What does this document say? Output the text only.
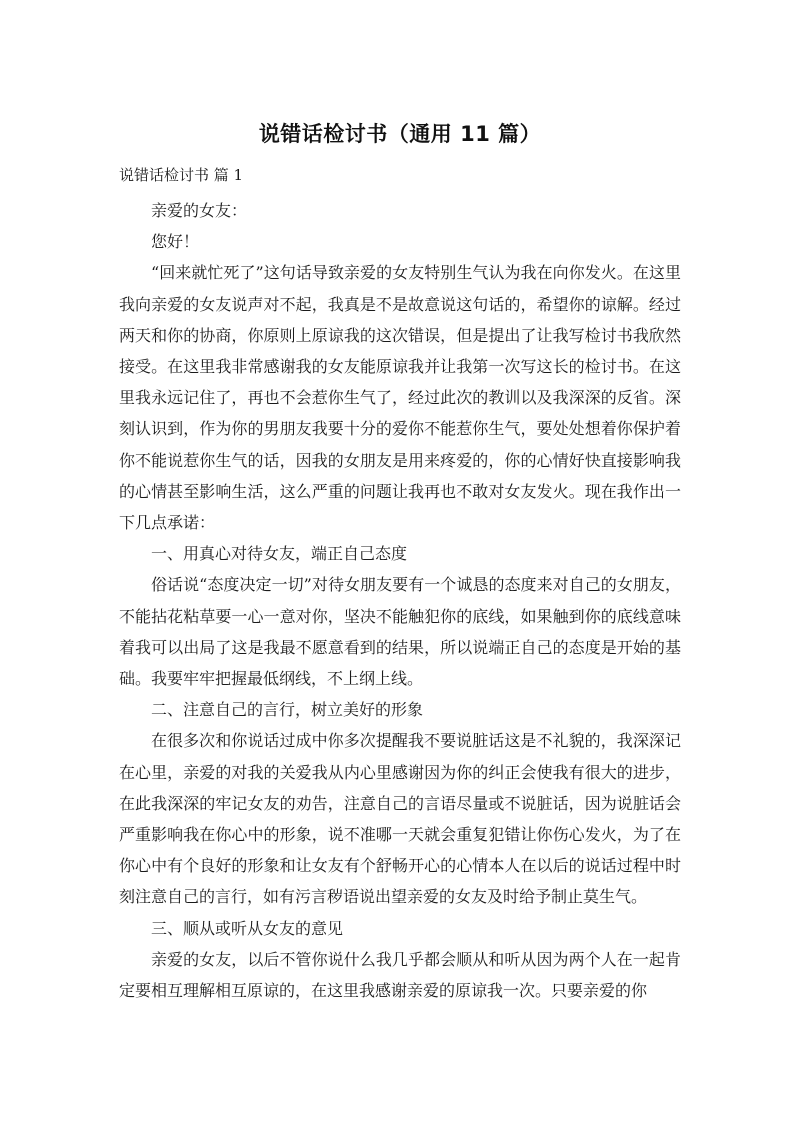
说错话检讨书（通用 11 篇）
说错话检讨书 篇 1

亲爱的女友：

您好！

“回来就忙死了”这句话导致亲爱的女友特别生气认为我在向你发火。在这里我向亲爱的女友说声对不起，我真是不是故意说这句话的，希望你的谅解。经过两天和你的协商，你原则上原谅我的这次错误，但是提出了让我写检讨书我欣然接受。在这里我非常感谢我的女友能原谅我并让我第一次写这长的检讨书。在这里我永远记住了，再也不会惹你生气了，经过此次的教训以及我深深的反省。深刻认识到，作为你的男朋友我要十分的爱你不能惹你生气，要处处想着你保护着你不能说惹你生气的话，因我的女朋友是用来疼爱的，你的心情好快直接影响我的心情甚至影响生活，这么严重的问题让我再也不敢对女友发火。现在我作出一下几点承诺：

一、用真心对待女友，端正自己态度

俗话说“态度决定一切”对待女朋友要有一个诚恳的态度来对自己的女朋友，不能拈花粘草要一心一意对你，坚决不能触犯你的底线，如果触到你的底线意味着我可以出局了这是我最不愿意看到的结果，所以说端正自己的态度是开始的基础。我要牢牢把握最低纲线，不上纲上线。

二、注意自己的言行，树立美好的形象

在很多次和你说话过成中你多次提醒我不要说脏话这是不礼貌的，我深深记在心里，亲爱的对我的关爱我从内心里感谢因为你的纠正会使我有很大的进步，在此我深深的牢记女友的劝告，注意自己的言语尽量或不说脏话，因为说脏话会严重影响我在你心中的形象，说不准哪一天就会重复犯错让你伤心发火，为了在你心中有个良好的形象和让女友有个舒畅开心的心情本人在以后的说话过程中时刻注意自己的言行，如有污言秽语说出望亲爱的女友及时给予制止莫生气。

三、顺从或听从女友的意见

亲爱的女友，以后不管你说什么我几乎都会顺从和听从因为两个人在一起肯定要相互理解相互原谅的，在这里我感谢亲爱的原谅我一次。只要亲爱的你
